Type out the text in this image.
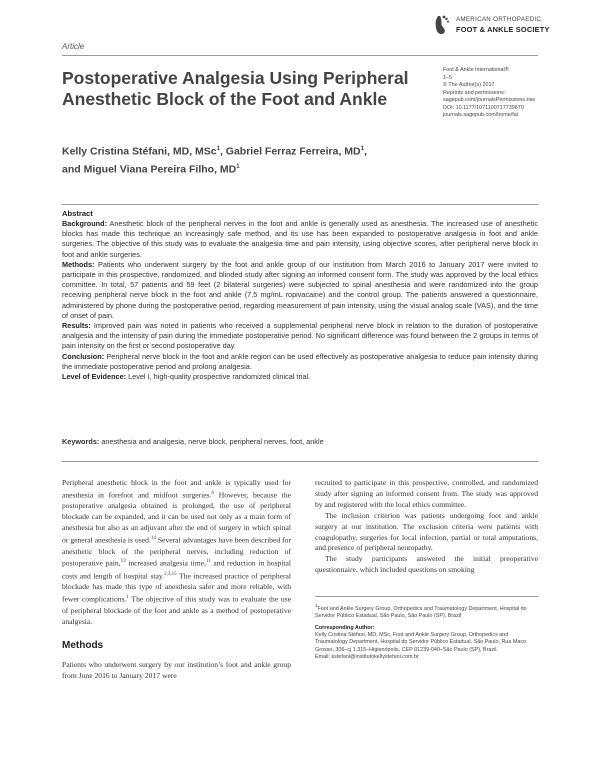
Article
AMERICAN ORTHOPAEDIC
FOOT & ANKLE SOCIETY
Postoperative Analgesia Using Peripheral Anesthetic Block of the Foot and Ankle
Foot & Ankle International®
1–5
© The Author(s) 2017
Reprints and permissions:
sagepub.com/journalsPermissions.nav
DOI: 10.1177/1071100717739670
journals.sagepub.com/home/fai
Kelly Cristina Stéfani, MD, MSc$^1$, Gabriel Ferraz Ferreira, $MD^1$,
and Miguel Viana Pereira Filho, $MD^1$
Abstract

Background: Anesthetic block of the peripheral nerves in the foot and ankle is generally used as anesthesia. The increased use of anesthetic blocks has made this technique an increasingly safe method, and its use has been expanded to postoperative analgesia in foot and ankle surgeries. The objective of this study was to evaluate the analgesia time and pain intensity, using objective scores, after peripheral nerve block in foot and ankle surgeries.

Methods: Patients who underwent surgery by the foot and ankle group of our institution from March 2016 to January 2017 were invited to participate in this prospective, randomized, and blinded study after signing an informed consent form. The study was approved by the local ethics committee. In total, 57 patients and 59 feet (2 bilateral surgeries) were subjected to spinal anesthesia and were randomized into the group receiving peripheral nerve block in the foot and ankle (7.5 mg/mL ropivacaine) and the control group. The patients answered a questionnaire, administered by phone during the postoperative period, regarding measurement of pain intensity, using the visual analog scale (VAS), and the time of onset of pain.

Results: Improved pain was noted in patients who received a supplemental peripheral nerve block in relation to the duration of postoperative analgesia and the intensity of pain during the immediate postoperative period. No significant difference was found between the 2 groups in terms of pain intensity on the first or second postoperative day.

Conclusion: Peripheral nerve block in the foot and ankle region can be used effectively as postoperative analgesia to reduce pain intensity during the immediate postoperative period and prolong analgesia.

Level of Evidence: Level I, high-quality prospective randomized clinical trial.

Keywords: anesthesia and analgesia, nerve block, peripheral nerves, foot, ankle

Peripheral anesthetic block in the foot and ankle is typically used for anesthesia in forefoot and midfoot surgeries.$^6$ However, because the postoperative analgesia obtained is prolonged, the use of peripheral blockade can be expanded, and it can be used not only as a main form of anesthesia but also as an adjuvant after the end of surgery in which spinal or general anesthesia is used.$^{14}$ Several advantages have been described for anesthetic block of the peripheral nerves, including reduction of postoperative pain,$^{13}$ increased analgesia time,$^{11}$ and reduction in hospital costs and length of hospital stay.$^{2,3,15}$ The increased practice of peripheral blockade has made this type of anesthesia safer and more reliable, with fewer complications.$^1$ The objective of this study was to evaluate the use of peripheral blockade of the foot and ankle as a method of postoperative analgesia.

Methods

Patients who underwent surgery by our institution’s foot and ankle group from June 2016 to January 2017 were

recruited to participate in this prospective, controlled, and randomized study after signing an informed consent from. The study was approved by and registered with the local ethics committee.

The inclusion criterion was patients undergoing foot and ankle surgery at our institution. The exclusion criteria were patients with coagulopathy, surgeries for local infection, partial or total amputations, and presence of peripheral neuropathy.

The study participants answered the initial preoperative questionnaire, which included questions on smoking

$^1$Foot and Ankle Surgery Group, Orthopedics and Traumatology Department, Hospital do Servidor Público Estadual, São Paulo, São Paulo (SP), Brazil

Corresponding Author:
Kelly Cristina Stéfani, MD, MSc, Foot and Ankle Surgery Group, Orthopedics and Traumatology Department, Hospital do Servidor Público Estadual, São Paulo, Rua Maco Grosso, 306–cj 1.315–Higienópolis, CEP 01239-040–São Paulo (SP), Brazil.
Email: kstefani@institutokellystefani.com.br
